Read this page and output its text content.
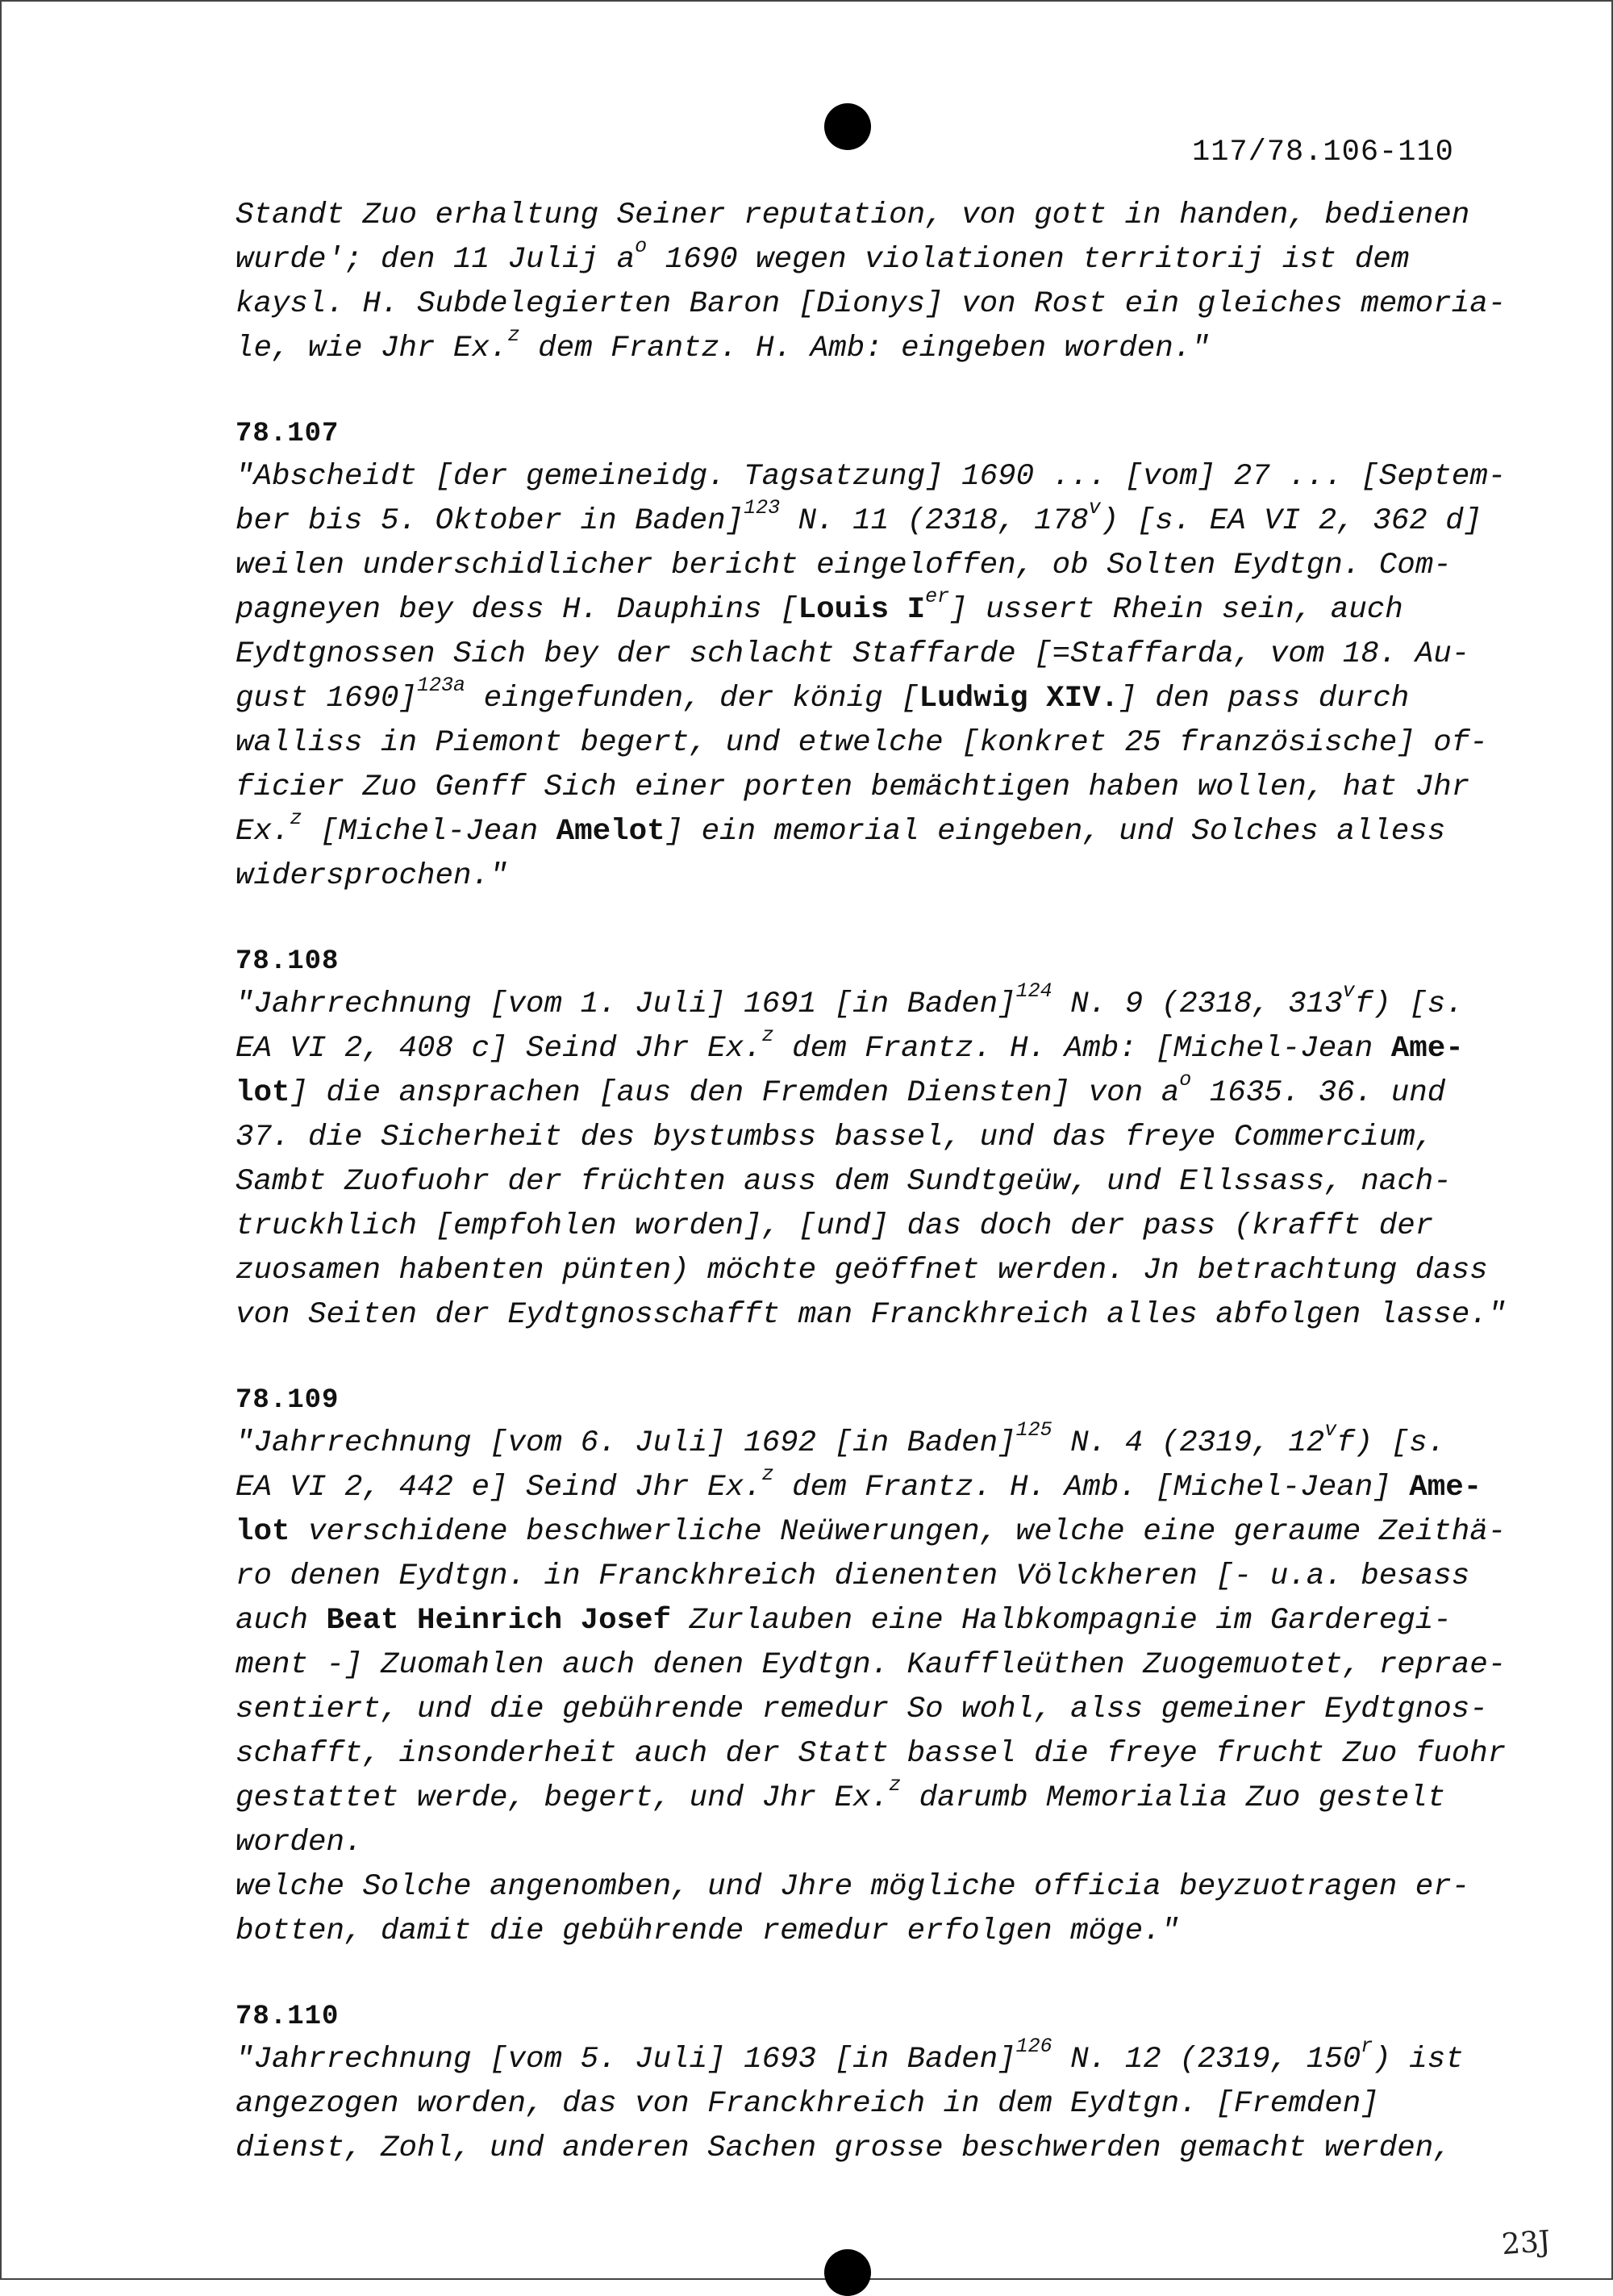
117/78.106-110
Standt Zuo erhaltung Seiner reputation, von gott in handen, bedienen
wurde'; den 11 Julij $a^o$ 1690 wegen violationen territorij ist dem
kaysl. H. Subdelegierten Baron [Dionys] von Rost ein gleiches memoria-
le, wie Jhr Ex.$^z$ dem Frantz. H. Amb: eingeben worden."
78.107
"Abscheidt [der gemeineidg. Tagsatzung] 1690 ... [vom] 27 ... [Septem-
ber bis 5. Oktober in Baden]$^{123}$ N. 11 (2318, 178$^v$) [s. EA VI 2, 362 d]
weilen underschidlicher bericht eingeloffen, ob Solten Eydtgn. Com-
pagneyen bey dess H. Dauphins [Louis Ier] ussert Rhein sein, auch
Eydtgnossen Sich bey der schlacht Staffarde [=Staffarda, vom 18. Au-
gust 1690]$^{123a}$ eingefunden, der könig [Ludwig XIV.] den pass durch
walliss in Piemont begert, und etwelche [konkret 25 französische] of-
ficier Zuo Genff Sich einer porten bemächtigen haben wollen, hat Jhr
Ex.$^z$ [Michel-Jean Amelot] ein memorial eingeben, und Solches alless
widersprochen."
78.108
"Jahrrechnung [vom 1. Juli] 1691 [in Baden]$^{124}$ N. 9 (2318, 313$^v$f) [s.
EA VI 2, 408 c] Seind Jhr Ex.$^z$ dem Frantz. H. Amb: [Michel-Jean Ame-
lot] die ansprachen [aus den Fremden Diensten] von $a^o$ 1635. 36. und
37. die Sicherheit des bystumbss bassel, und das freye Commercium,
Sambt Zuofuohr der früchten auss dem Sundtgeüw, und Ellssass, nach-
truckhlich [empfohlen worden], [und] das doch der pass (krafft der
zuosamen habenten pünten) möchte geöffnet werden. Jn betrachtung dass
von Seiten der Eydtgnosschafft man Franckhreich alles abfolgen lasse."
78.109
"Jahrrechnung [vom 6. Juli] 1692 [in Baden]$^{125}$ N. 4 (2319, 12$^v$f) [s.
EA VI 2, 442 e] Seind Jhr Ex.$^z$ dem Frantz. H. Amb. [Michel-Jean] Ame-
lot verschidene beschwerliche Neüwerungen, welche eine geraume Zeithä-
ro denen Eydtgn. in Franckhreich dienenten Völckheren [- u.a. besass
auch Beat Heinrich Josef Zurlauben eine Halbkompagnie im Garderegi-
ment -] Zuomahlen auch denen Eydtgn. Kauffleüthen Zuogemuotet, reprae-
sentiert, und die gebührende remedur So wohl, alss gemeiner Eydtgnos-
schafft, insonderheit auch der Statt bassel die freye frucht Zuo fuohr
gestattet werde, begert, und Jhr Ex.$^z$ darumb Memorialia Zuo gestelt
worden.
welche Solche angenomben, und Jhre mögliche officia beyzuotragen er-
botten, damit die gebührende remedur erfolgen möge."
78.110
"Jahrrechnung [vom 5. Juli] 1693 [in Baden]$^{126}$ N. 12 (2319, 150$^r$) ist
angezogen worden, das von Franckhreich in dem Eydtgn. [Fremden]
dienst, Zohl, und anderen Sachen grosse beschwerden gemacht werden,
23J
